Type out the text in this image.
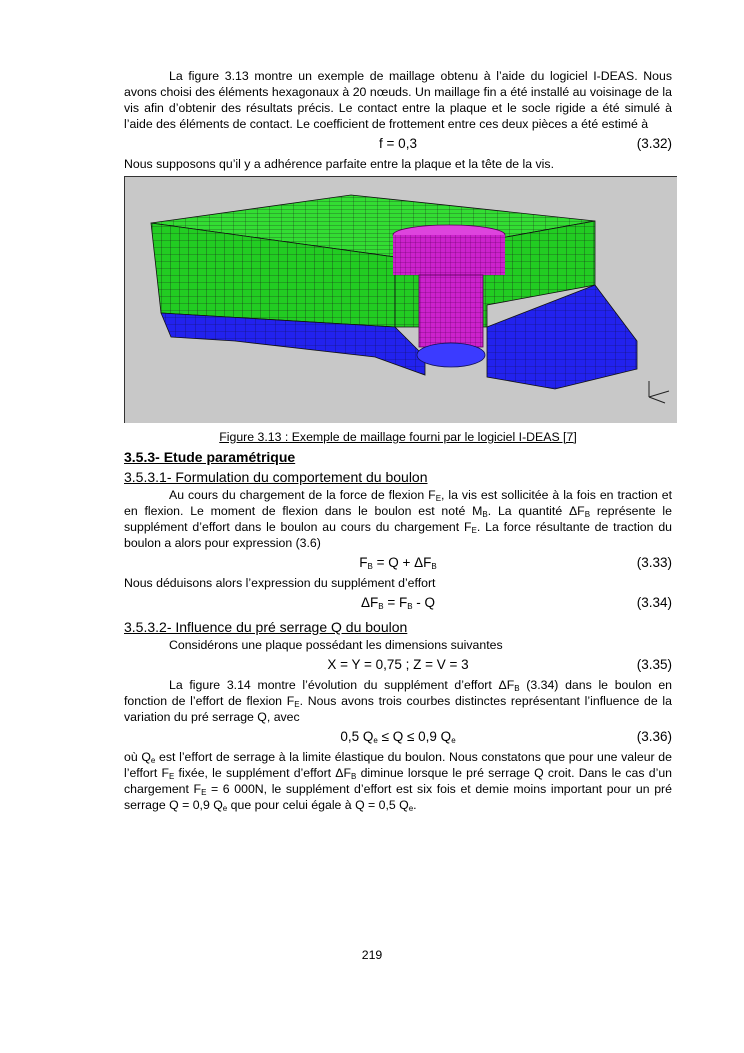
La figure 3.13 montre un exemple de maillage obtenu à l’aide du logiciel I-DEAS. Nous avons choisi des éléments hexagonaux à 20 nœuds. Un maillage fin a été installé au voisinage de la vis afin d’obtenir des résultats précis. Le contact entre la plaque et le socle rigide a été simulé à l’aide des éléments de contact. Le coefficient de frottement entre ces deux pièces a été estimé à

f = 0,3	(3.32)

Nous supposons qu’il y a adhérence parfaite entre la plaque et la tête de la vis.

Figure 3.13 : Exemple de maillage fourni par le logiciel I-DEAS [7]
3.5.3- Etude paramétrique
3.5.3.1- Formulation du comportement du boulon

Au cours du chargement de la force de flexion $F_E$, la vis est sollicitée à la fois en traction et en flexion. Le moment de flexion dans le boulon est noté $M_B$. La quantité $\Delta F_B$ représente le supplément d’effort dans le boulon au cours du chargement $F_E$. La force résultante de traction du boulon a alors pour expression (3.6)

$F_B = Q + \Delta F_B$	(3.33)

Nous déduisons alors l’expression du supplément d’effort

$\Delta F_B = F_B - Q$	(3.34)
3.5.3.2- Influence du pré serrage Q du boulon

Considérons une plaque possédant les dimensions suivantes

X = Y = 0,75 ; Z = V = 3	(3.35)

La figure 3.14 montre l’évolution du supplément d’effort $\Delta F_B$ (3.34) dans le boulon en fonction de l’effort de flexion $F_E$. Nous avons trois courbes distinctes représentant l’influence de la variation du pré serrage Q, avec

0,5 $Q_e \le Q \le 0,9$ $Q_e$	(3.36)

où $Q_e$ est l’effort de serrage à la limite élastique du boulon. Nous constatons que pour une valeur de l’effort $F_E$ fixée, le supplément d’effort $\Delta F_B$ diminue lorsque le pré serrage Q croit. Dans le cas d’un chargement $F_E = 6$ 000N, le supplément d’effort est six fois et demie moins important pour un pré serrage Q = 0,9 $Q_e$ que pour celui égale à Q = 0,5 $Q_e$.

219
